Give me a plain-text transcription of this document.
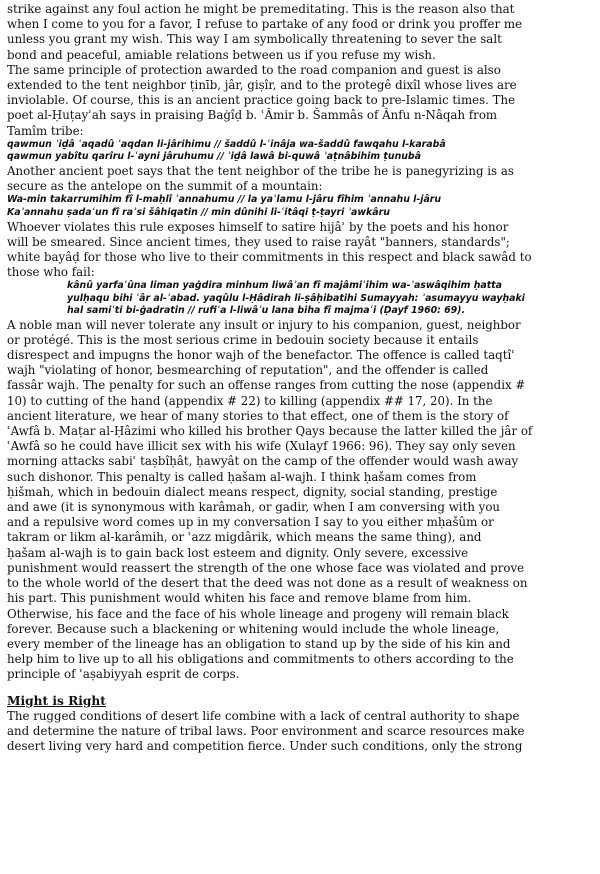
strike against any foul action he might be premeditating. This is the reason also that
when I come to you for a favor, I refuse to partake of any food or drink you proffer me
unless you grant my wish. This way I am symbolically threatening to sever the salt
bond and peaceful, amiable relations between us if you refuse my wish.

The same principle of protection awarded to the road companion and guest is also
extended to the tent neighbor ṭinīb, jâr, giṣîr, and to the protegê dixîl whose lives are
inviolable. Of course, this is an ancient practice going back to pre-Islamic times. The
poet al-Ḥuṭayʾah says in praising Baġîḍ b. ʿÂmir b. Šammâs of Ânfu n-Nâqah from
Tamîm tribe:

qawmun ʾiḏâ ʿaqadû ʿaqdan li-jârihimu // šaddû l-ʿinâja wa-šaddû fawqahu l-karabâ

qawmun yabîtu qarîru l-ʿayni jâruhumu // ʾiḏâ lawâ bi-quwâ ʾaṭnâbihim ṭunubâ

Another ancient poet says that the tent neighbor of the tribe he is panegyrizing is as
secure as the antelope on the summit of a mountain:

Wa-min takarrumihim fî l-maḥlî ʾannahumu // la yaʿlamu l-jâru fîhim ʾannahu l-jâru

Kaʾannahu ṣadaʿun fî raʾsi šâhiqatin // min dûnihi li-ʿitâqi ṭ-ṭayri ʾawkâru

Whoever violates this rule exposes himself to satire hijâʾ by the poets and his honor
will be smeared. Since ancient times, they used to raise rayât "banners, standards";
white bayâḍ for those who live to their commitments in this respect and black sawâd to
those who fail:

kânû yarfaʿûna liman yaġdira minhum liwâʾan fî majâmiʿihim wa-ʾaswâqihim ḥatta

yulḥaqu bihi ʿâr al-ʾabad. yaqûlu l-Ḥâdirah li-ṣâḥibatihi Sumayyah: ʾasumayyu wayḥaki

hal samiʿti bi-ġadratin // rufiʿa l-liwâʾu lana biha fî majmaʿi (Ḍayf 1960: 69).

A noble man will never tolerate any insult or injury to his companion, guest, neighbor
or protégé. This is the most serious crime in bedouin society because it entails
disrespect and impugns the honor wajh of the benefactor. The offence is called taqtîʿ
wajh "violating of honor, besmearching of reputation", and the offender is called
fassâr wajh. The penalty for such an offense ranges from cutting the nose (appendix #
10) to cutting of the hand (appendix # 22) to killing (appendix ## 17, 20). In the
ancient literature, we hear of many stories to that effect, one of them is the story of
ʿAwfâ b. Maṭar al-Ḥâzimi who killed his brother Qays because the latter killed the jâr of
ʿAwfâ so he could have illicit sex with his wife (Xulayf 1966: 96). They say only seven
morning attacks sabiʿ taṣbîḥât, ḥawyât on the camp of the offender would wash away
such dishonor. This penalty is called ḥašam al-wajh. I think ḥašam comes from
ḥišmah, which in bedouin dialect means respect, dignity, social standing, prestige
and awe (it is synonymous with karâmah, or gadir, when I am conversing with you
and a repulsive word comes up in my conversation I say to you either mḥašûm or
takram or likm al-karâmih, or ʿazz migdârik, which means the same thing), and
ḥašam al-wajh is to gain back lost esteem and dignity. Only severe, excessive
punishment would reassert the strength of the one whose face was violated and prove
to the whole world of the desert that the deed was not done as a result of weakness on
his part. This punishment would whiten his face and remove blame from him.
Otherwise, his face and the face of his whole lineage and progeny will remain black
forever. Because such a blackening or whitening would include the whole lineage,
every member of the lineage has an obligation to stand up by the side of his kin and
help him to live up to all his obligations and commitments to others according to the
principle of ʿaṣabiyyah esprit de corps.

Might is Right

The rugged conditions of desert life combine with a lack of central authority to shape
and determine the nature of tribal laws. Poor environment and scarce resources make
desert living very hard and competition fierce. Under such conditions, only the strong
